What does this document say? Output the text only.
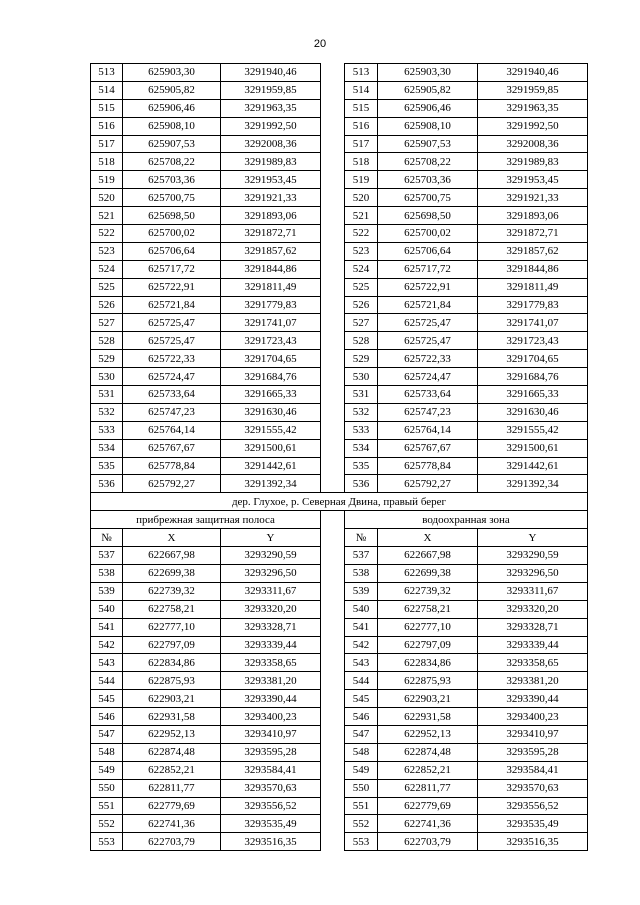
20
513	625903,30	3291940,46		513	625903,30	3291940,46
514	625905,82	3291959,85		514	625905,82	3291959,85
515	625906,46	3291963,35		515	625906,46	3291963,35
516	625908,10	3291992,50		516	625908,10	3291992,50
517	625907,53	3292008,36		517	625907,53	3292008,36
518	625708,22	3291989,83		518	625708,22	3291989,83
519	625703,36	3291953,45		519	625703,36	3291953,45
520	625700,75	3291921,33		520	625700,75	3291921,33
521	625698,50	3291893,06		521	625698,50	3291893,06
522	625700,02	3291872,71		522	625700,02	3291872,71
523	625706,64	3291857,62		523	625706,64	3291857,62
524	625717,72	3291844,86		524	625717,72	3291844,86
525	625722,91	3291811,49		525	625722,91	3291811,49
526	625721,84	3291779,83		526	625721,84	3291779,83
527	625725,47	3291741,07		527	625725,47	3291741,07
528	625725,47	3291723,43		528	625725,47	3291723,43
529	625722,33	3291704,65		529	625722,33	3291704,65
530	625724,47	3291684,76		530	625724,47	3291684,76
531	625733,64	3291665,33		531	625733,64	3291665,33
532	625747,23	3291630,46		532	625747,23	3291630,46
533	625764,14	3291555,42		533	625764,14	3291555,42
534	625767,67	3291500,61		534	625767,67	3291500,61
535	625778,84	3291442,61		535	625778,84	3291442,61
536	625792,27	3291392,34		536	625792,27	3291392,34
дер. Глухое, р. Северная Двина, правый берег						
прибрежная защитная полоса				водоохранная зона		
№	X	Y		№	X	Y
537	622667,98	3293290,59		537	622667,98	3293290,59
538	622699,38	3293296,50		538	622699,38	3293296,50
539	622739,32	3293311,67		539	622739,32	3293311,67
540	622758,21	3293320,20		540	622758,21	3293320,20
541	622777,10	3293328,71		541	622777,10	3293328,71
542	622797,09	3293339,44		542	622797,09	3293339,44
543	622834,86	3293358,65		543	622834,86	3293358,65
544	622875,93	3293381,20		544	622875,93	3293381,20
545	622903,21	3293390,44		545	622903,21	3293390,44
546	622931,58	3293400,23		546	622931,58	3293400,23
547	622952,13	3293410,97		547	622952,13	3293410,97
548	622874,48	3293595,28		548	622874,48	3293595,28
549	622852,21	3293584,41		549	622852,21	3293584,41
550	622811,77	3293570,63		550	622811,77	3293570,63
551	622779,69	3293556,52		551	622779,69	3293556,52
552	622741,36	3293535,49		552	622741,36	3293535,49
553	622703,79	3293516,35		553	622703,79	3293516,35
